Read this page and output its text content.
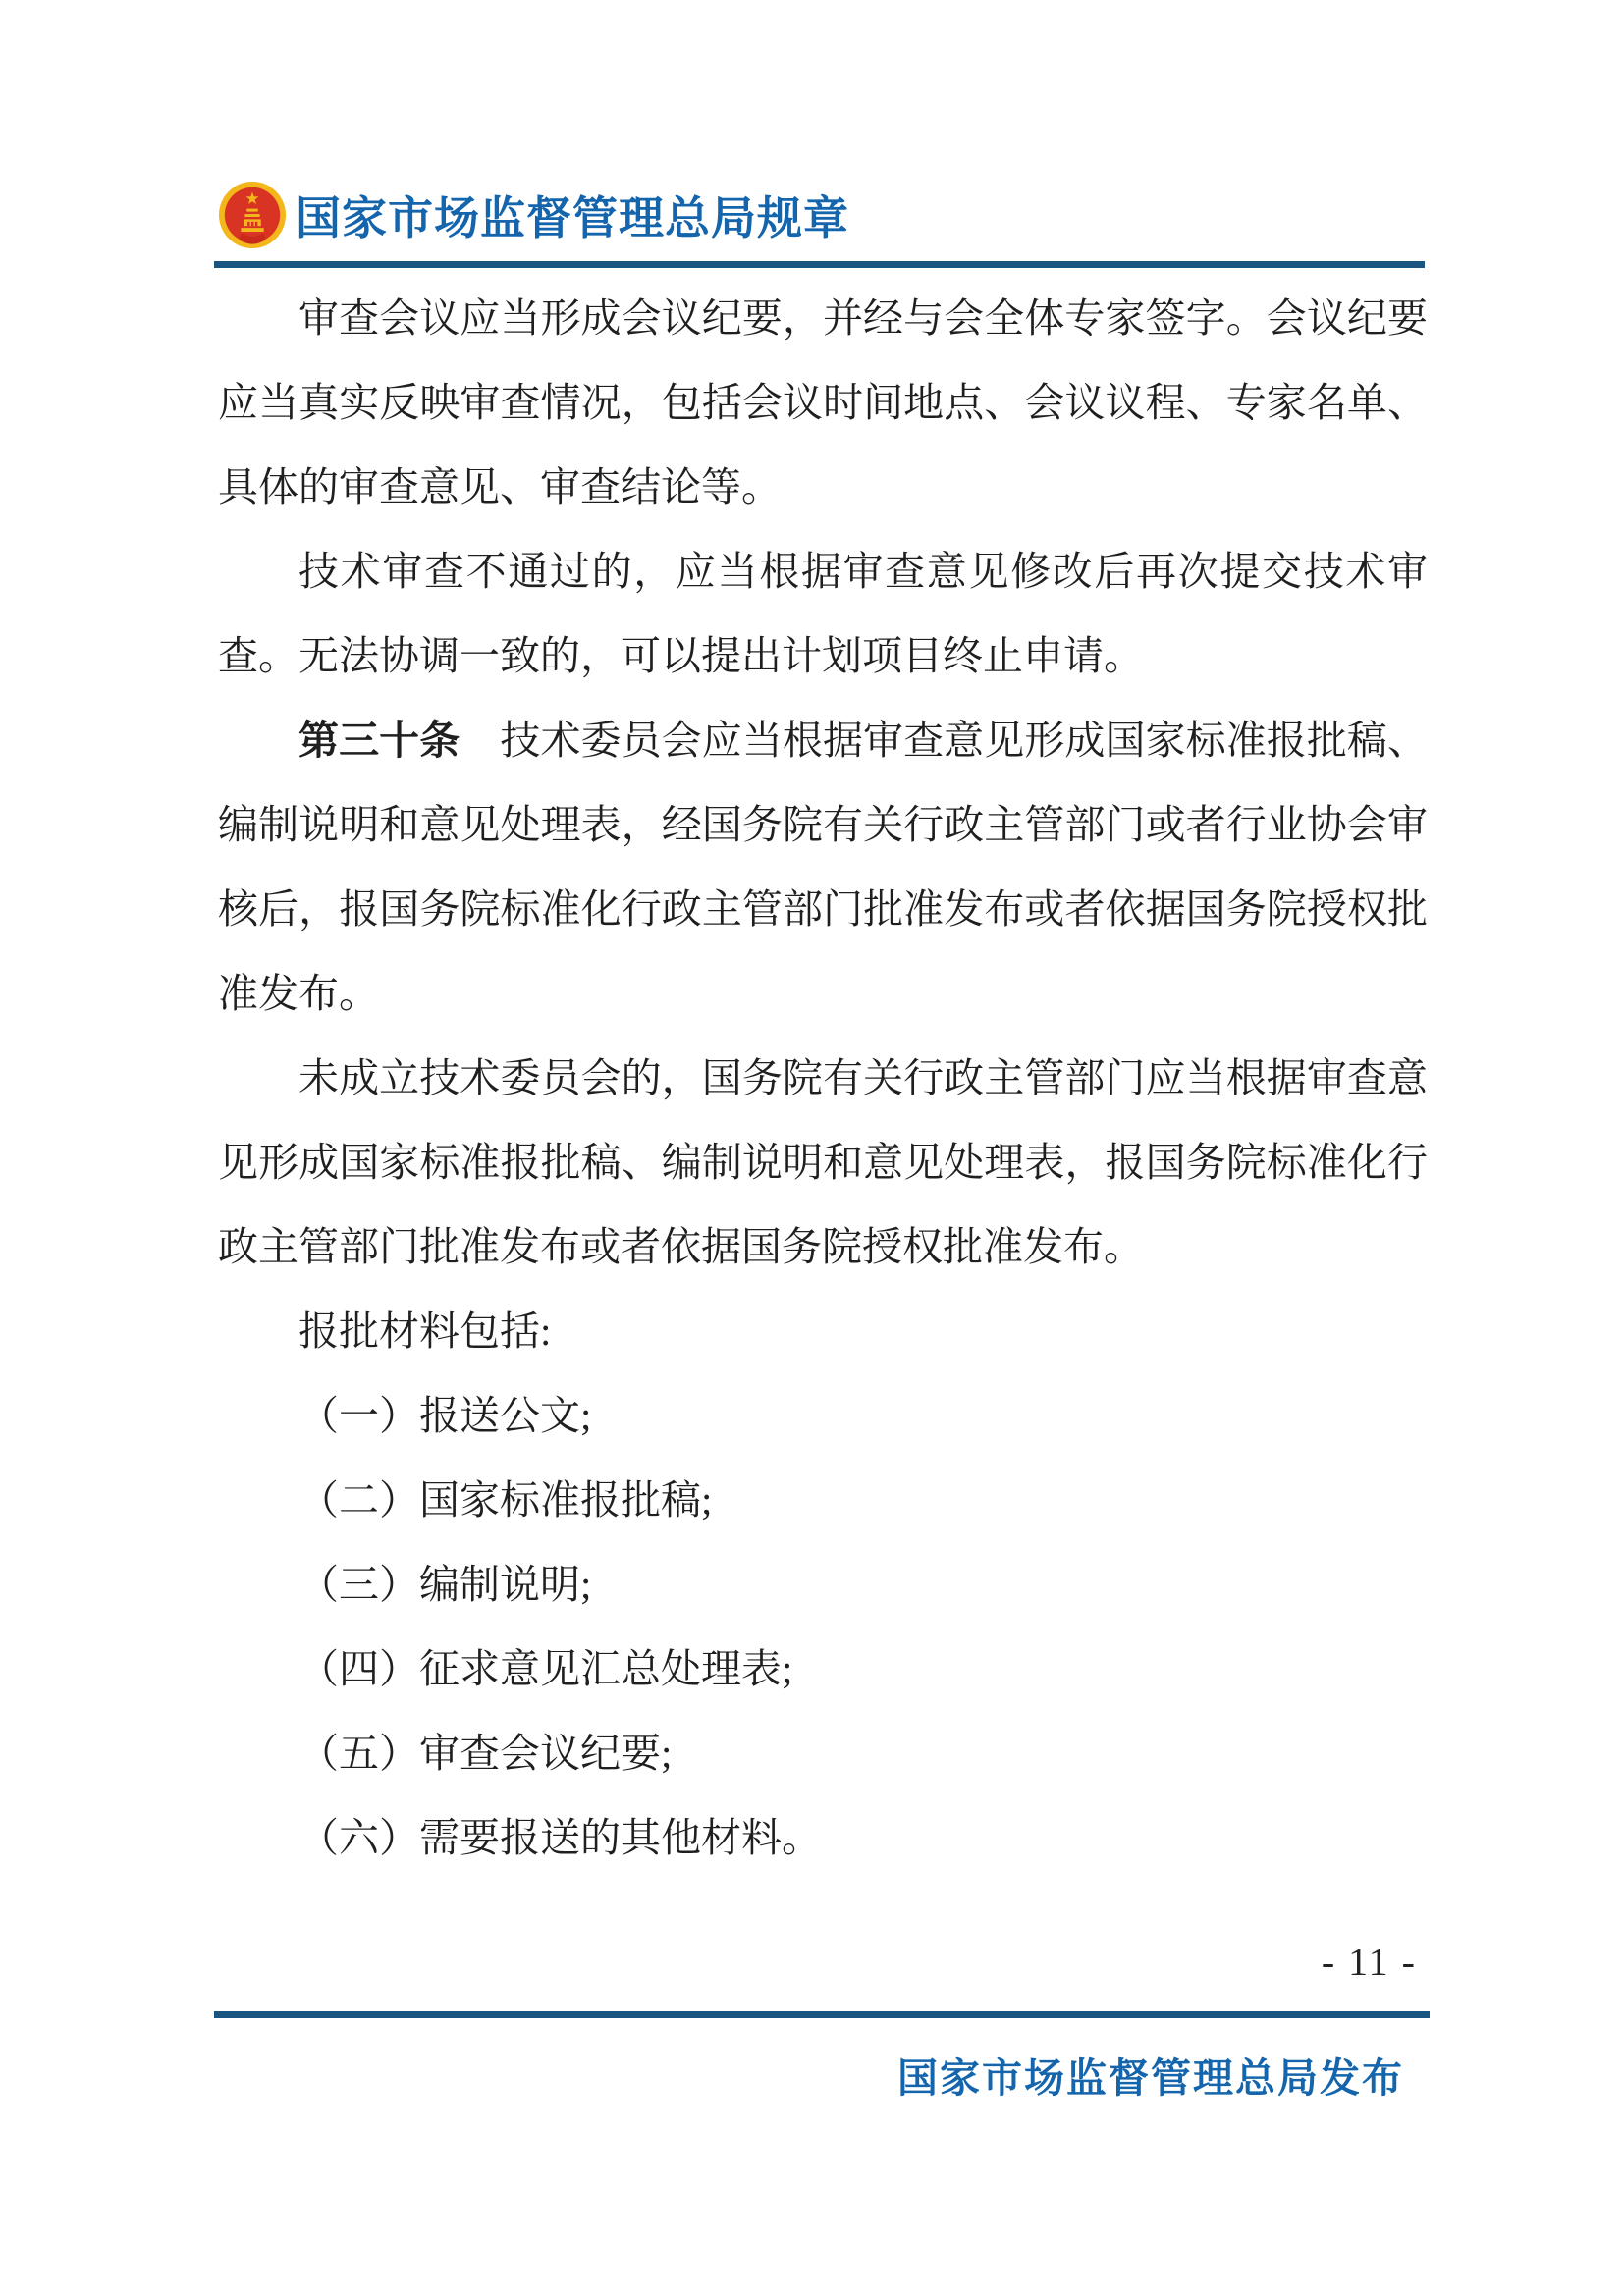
国家市场监督管理总局规章

审查会议应当形成会议纪要，并经与会全体专家签字。会议纪要应当真实反映审查情况，包括会议时间地点、会议议程、专家名单、具体的审查意见、审查结论等。

技术审查不通过的，应当根据审查意见修改后再次提交技术审查。无法协调一致的，可以提出计划项目终止申请。

第三十条　技术委员会应当根据审查意见形成国家标准报批稿、编制说明和意见处理表，经国务院有关行政主管部门或者行业协会审核后，报国务院标准化行政主管部门批准发布或者依据国务院授权批准发布。

未成立技术委员会的，国务院有关行政主管部门应当根据审查意见形成国家标准报批稿、编制说明和意见处理表，报国务院标准化行政主管部门批准发布或者依据国务院授权批准发布。

报批材料包括:

（一）报送公文;

（二）国家标准报批稿;

（三）编制说明;

（四）征求意见汇总处理表;

（五）审查会议纪要;

（六）需要报送的其他材料。

- 11 -
国家市场监督管理总局发布
